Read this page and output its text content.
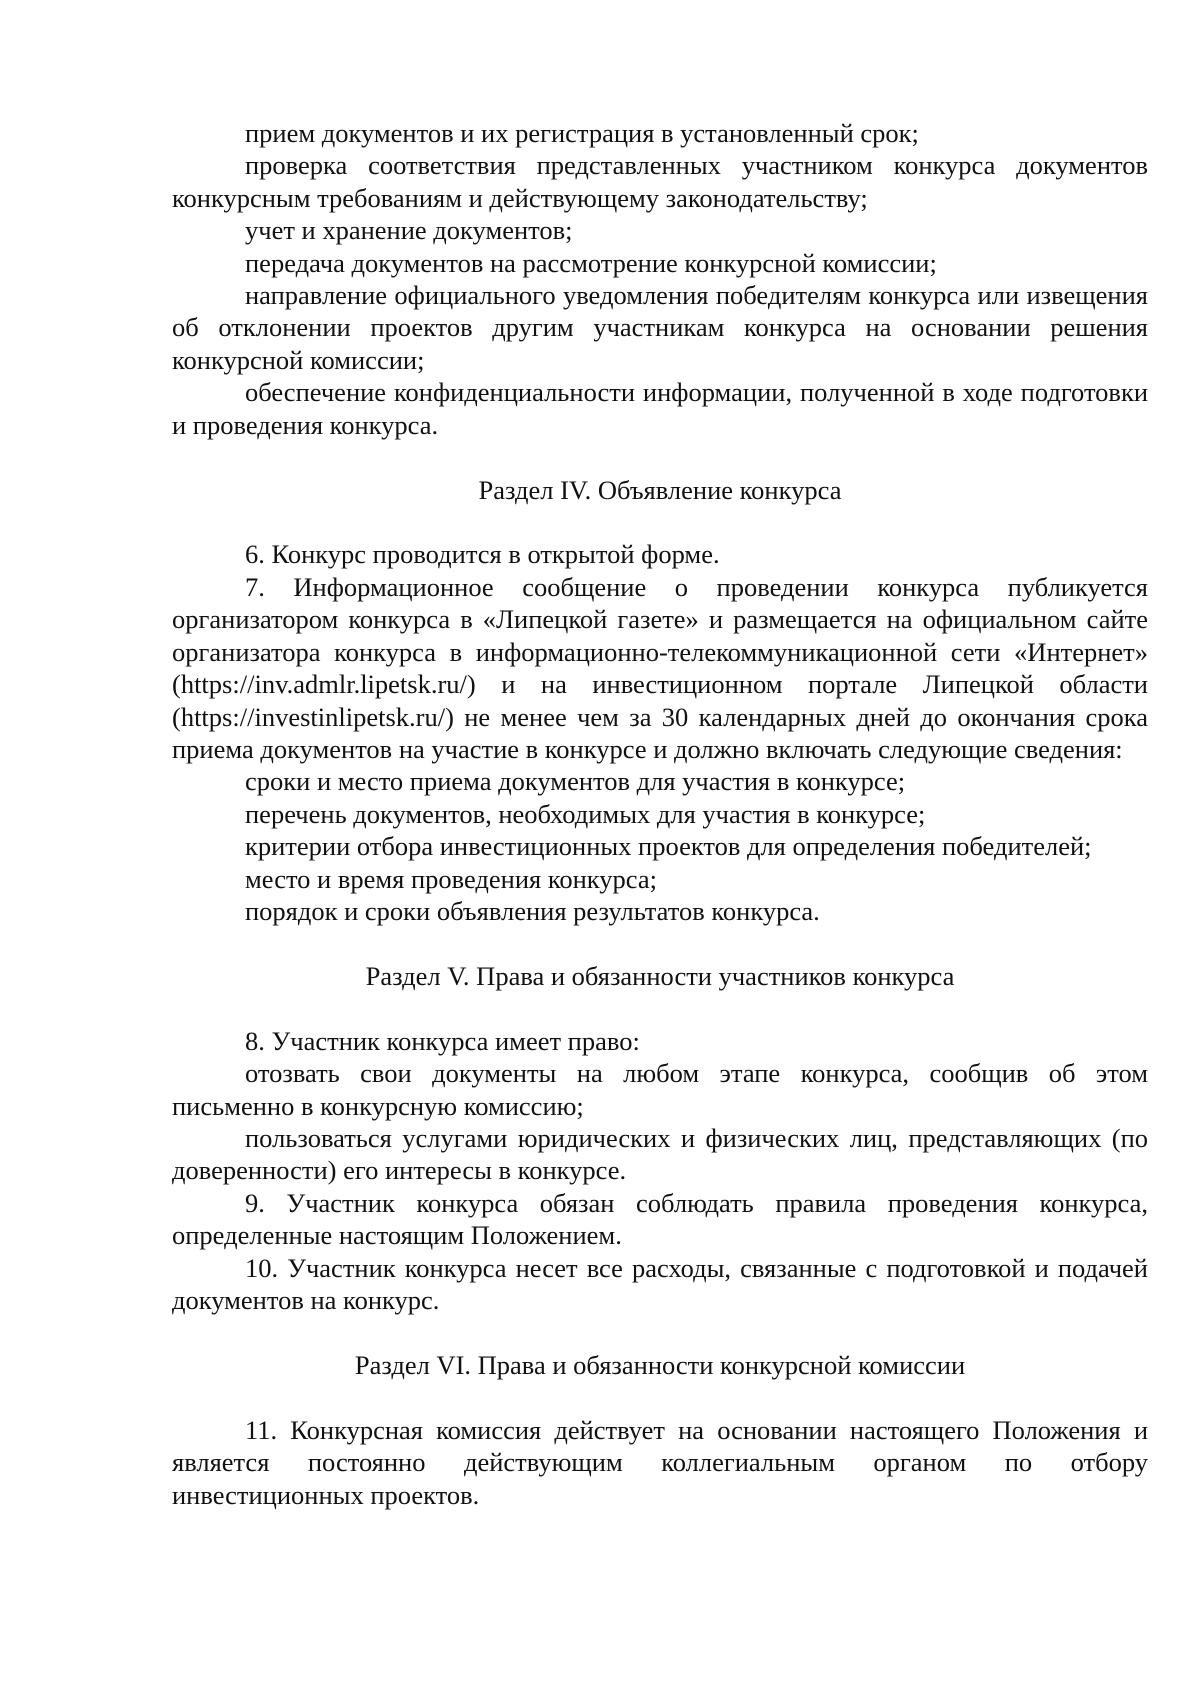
прием документов и их регистрация в установленный срок;

проверка соответствия представленных участником конкурса документов конкурсным требованиям и действующему законодательству;

учет и хранение документов;

передача документов на рассмотрение конкурсной комиссии;

направление официального уведомления победителям конкурса или извещения об отклонении проектов другим участникам конкурса на основании решения конкурсной комиссии;

обеспечение конфиденциальности информации, полученной в ходе подготовки и проведения конкурса.

Раздел IV. Объявление конкурса

6. Конкурс проводится в открытой форме.

7. Информационное сообщение о проведении конкурса публикуется организатором конкурса в «Липецкой газете» и размещается на официальном сайте организатора конкурса в информационно-телекоммуникационной сети «Интернет» (https://inv.admlr.lipetsk.ru/) и на инвестиционном портале Липецкой области (https://investinlipetsk.ru/) не менее чем за 30 календарных дней до окончания срока приема документов на участие в конкурсе и должно включать следующие сведения:

сроки и место приема документов для участия в конкурсе;

перечень документов, необходимых для участия в конкурсе;

критерии отбора инвестиционных проектов для определения победителей;

место и время проведения конкурса;

порядок и сроки объявления результатов конкурса.

Раздел V. Права и обязанности участников конкурса

8. Участник конкурса имеет право:

отозвать свои документы на любом этапе конкурса, сообщив об этом письменно в конкурсную комиссию;

пользоваться услугами юридических и физических лиц, представляющих (по доверенности) его интересы в конкурсе.

9. Участник конкурса обязан соблюдать правила проведения конкурса, определенные настоящим Положением.

10. Участник конкурса несет все расходы, связанные с подготовкой и подачей документов на конкурс.

Раздел VI. Права и обязанности конкурсной комиссии

11. Конкурсная комиссия действует на основании настоящего Положения и является постоянно действующим коллегиальным органом по отбору инвестиционных проектов.
